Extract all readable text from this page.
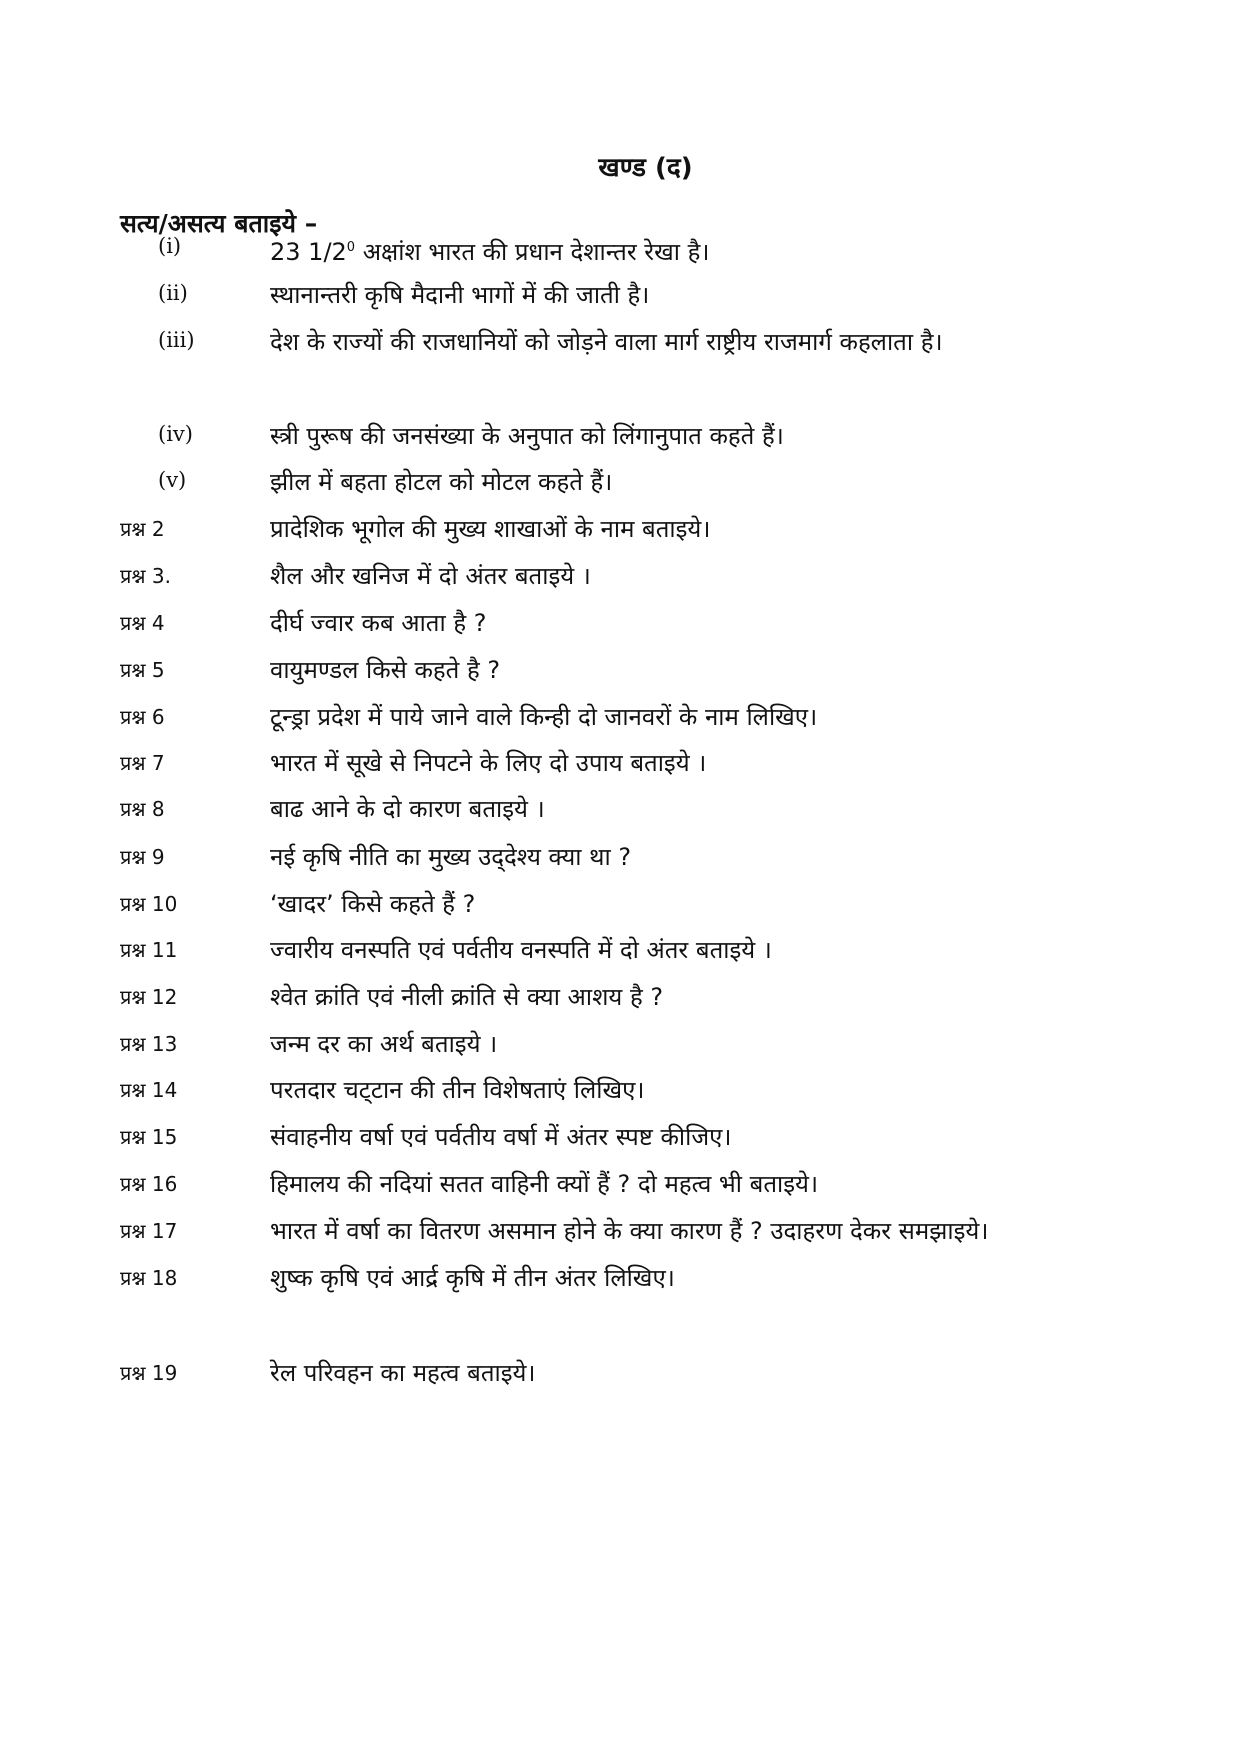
खण्ड (द)
सत्य/असत्य बताइये –
(i)	23 $1/2^0$ अक्षांश भारत की प्रधान देशान्तर रेखा है।
(ii)	स्थानान्तरी कृषि मैदानी भागों में की जाती है।
(iii)	देश के राज्यों की राजधानियों को जोड़ने वाला मार्ग राष्ट्रीय राजमार्ग कहलाता है।
(iv)	स्त्री पुरूष की जनसंख्या के अनुपात को लिंगानुपात कहते हैं।
(v)	झील में बहता होटल को मोटल कहते हैं।
प्रश्न 2	प्रादेशिक भूगोल की मुख्य शाखाओं के नाम बताइये।
प्रश्न 3.	शैल और खनिज में दो अंतर बताइये ।
प्रश्न 4	दीर्घ ज्वार कब आता है ?
प्रश्न 5	वायुमण्डल किसे कहते है ?
प्रश्न 6	टून्ड्रा प्रदेश में पाये जाने वाले किन्ही दो जानवरों के नाम लिखिए।
प्रश्न 7	भारत में सूखे से निपटने के लिए दो उपाय बताइये ।
प्रश्न 8	बाढ आने के दो कारण बताइये ।
प्रश्न 9	नई कृषि नीति का मुख्य उद्‌देश्य क्या था ?
प्रश्न 10	‘खादर’ किसे कहते हैं ?
प्रश्न 11	ज्वारीय वनस्पति एवं पर्वतीय वनस्पति में दो अंतर बताइये ।
प्रश्न 12	श्वेत क्रांति एवं नीली क्रांति से क्या आशय है ?
प्रश्न 13	जन्म दर का अर्थ बताइये ।
प्रश्न 14	परतदार चट्‌टान की तीन विशेषताएं लिखिए।
प्रश्न 15	संवाहनीय वर्षा एवं पर्वतीय वर्षा में अंतर स्पष्ट कीजिए।
प्रश्न 16	हिमालय की नदियां सतत वाहिनी क्यों हैं ? दो महत्व भी बताइये।
प्रश्न 17	भारत में वर्षा का वितरण असमान होने के क्या कारण हैं ? उदाहरण देकर समझाइये।
प्रश्न 18	शुष्क कृषि एवं आर्द्र कृषि में तीन अंतर लिखिए।
प्रश्न 19	रेल परिवहन का महत्व बताइये।
